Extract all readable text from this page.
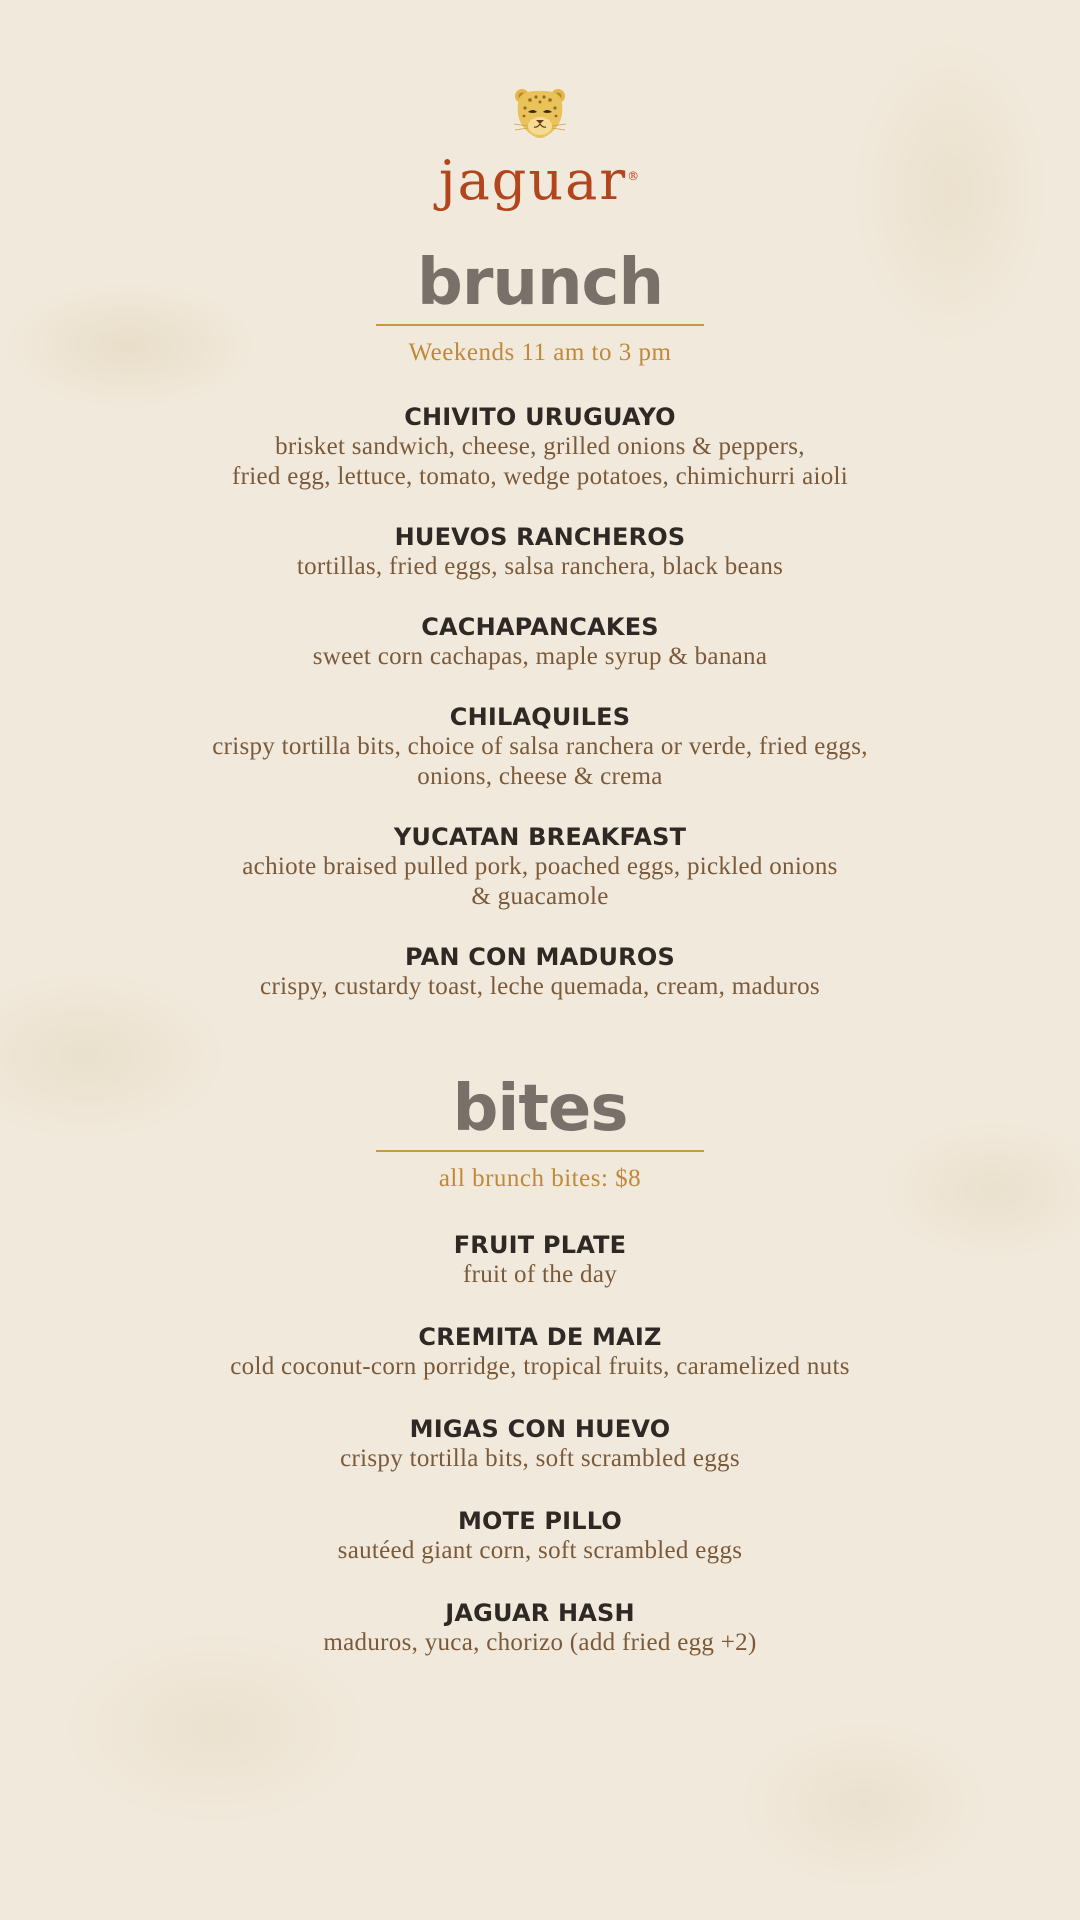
jaguar®
brunch
Weekends 11 am to 3 pm
CHIVITO URUGUAYO
brisket sandwich, cheese, grilled onions & peppers,
fried egg, lettuce, tomato, wedge potatoes, chimichurri aioli
HUEVOS RANCHEROS
tortillas, fried eggs, salsa ranchera, black beans
CACHAPANCAKES
sweet corn cachapas, maple syrup & banana
CHILAQUILES
crispy tortilla bits, choice of salsa ranchera or verde, fried eggs,
onions, cheese & crema
YUCATAN BREAKFAST
achiote braised pulled pork, poached eggs, pickled onions
& guacamole
PAN CON MADUROS
crispy, custardy toast, leche quemada, cream, maduros
bites
all brunch bites: $8
FRUIT PLATE
fruit of the day
CREMITA DE MAIZ
cold coconut-corn porridge, tropical fruits, caramelized nuts
MIGAS CON HUEVO
crispy tortilla bits, soft scrambled eggs
MOTE PILLO
sautéed giant corn, soft scrambled eggs
JAGUAR HASH
maduros, yuca, chorizo (add fried egg +2)
